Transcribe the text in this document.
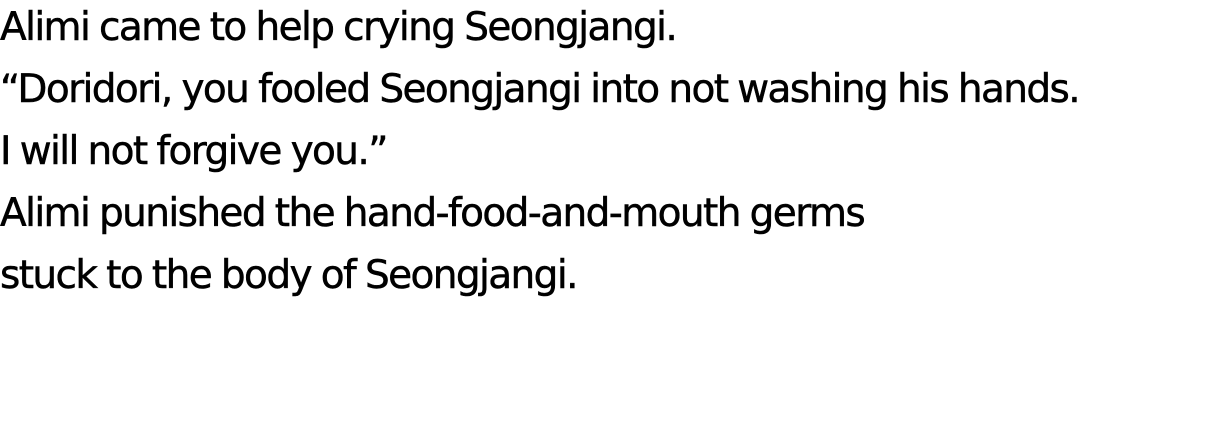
Alimi came to help crying Seongjangi.
“Doridori, you fooled Seongjangi into not washing his hands.
I will not forgive you.”
Alimi punished the hand-food-and-mouth germs
stuck to the body of Seongjangi.
